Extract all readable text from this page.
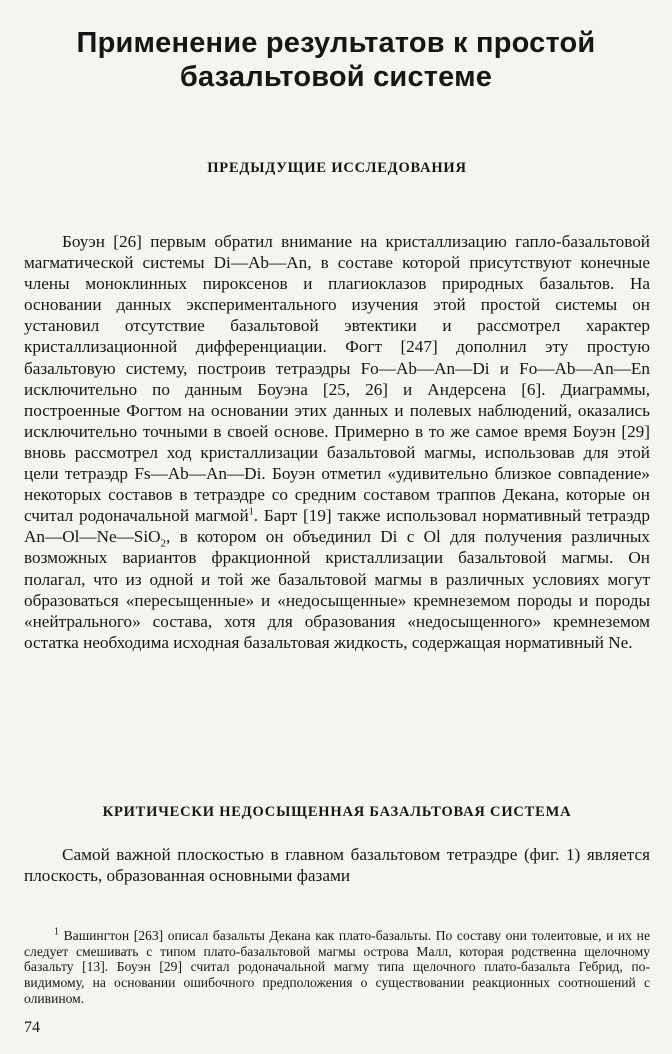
Применение результатов к простой
базальтовой системе
ПРЕДЫДУЩИЕ ИССЛЕДОВАНИЯ

Боуэн [26] первым обратил внимание на кристаллизацию гапло-базальтовой магматической системы Di—Ab—An, в составе которой присутствуют конечные члены моноклинных пироксенов и плагиоклазов природных базальтов. На основании данных экспериментального изучения этой простой системы он установил отсутствие базальтовой эвтектики и рассмотрел характер кристаллизационной дифференциации. Фогт [247] дополнил эту простую базальтовую систему, построив тетраэдры Fo—Ab—An—Di и Fo—Ab—An—En исключительно по данным Боуэна [25, 26] и Андерсена [6]. Диаграммы, построенные Фогтом на основании этих данных и полевых наблюдений, оказались исключительно точными в своей основе. Примерно в то же самое время Боуэн [29] вновь рассмотрел ход кристаллизации базальтовой магмы, использовав для этой цели тетраэдр Fs—Ab—An—Di. Боуэн отметил «удивительно близкое совпадение» некоторых составов в тетраэдре со средним составом траппов Декана, которые он считал родоначальной магмой$^1$. Барт [19] также использовал нормативный тетраэдр An—Ol—Ne—SiO$_2$, в котором он объединил Di с Ol для получения различных возможных вариантов фракционной кристаллизации базальтовой магмы. Он полагал, что из одной и той же базальтовой магмы в различных условиях могут образоваться «пересыщенные» и «недосыщенные» кремнеземом породы и породы «нейтрального» состава, хотя для образования «недосыщенного» кремнеземом остатка необходима исходная базальтовая жидкость, содержащая нормативный Ne.

КРИТИЧЕСКИ НЕДОСЫЩЕННАЯ БАЗАЛЬТОВАЯ СИСТЕМА

Самой важной плоскостью в главном базальтовом тетраэдре (фиг. 1) является плоскость, образованная основными фазами

$^1$ Вашингтон [263] описал базальты Декана как плато-базальты. По составу они толеитовые, и их не следует смешивать с типом плато-базальтовой магмы острова Малл, которая родственна щелочному базальту [13]. Боуэн [29] считал родоначальной магму типа щелочного плато-базальта Гебрид, по-видимому, на основании ошибочного предположения о существовании реакционных соотношений с оливином.

74
